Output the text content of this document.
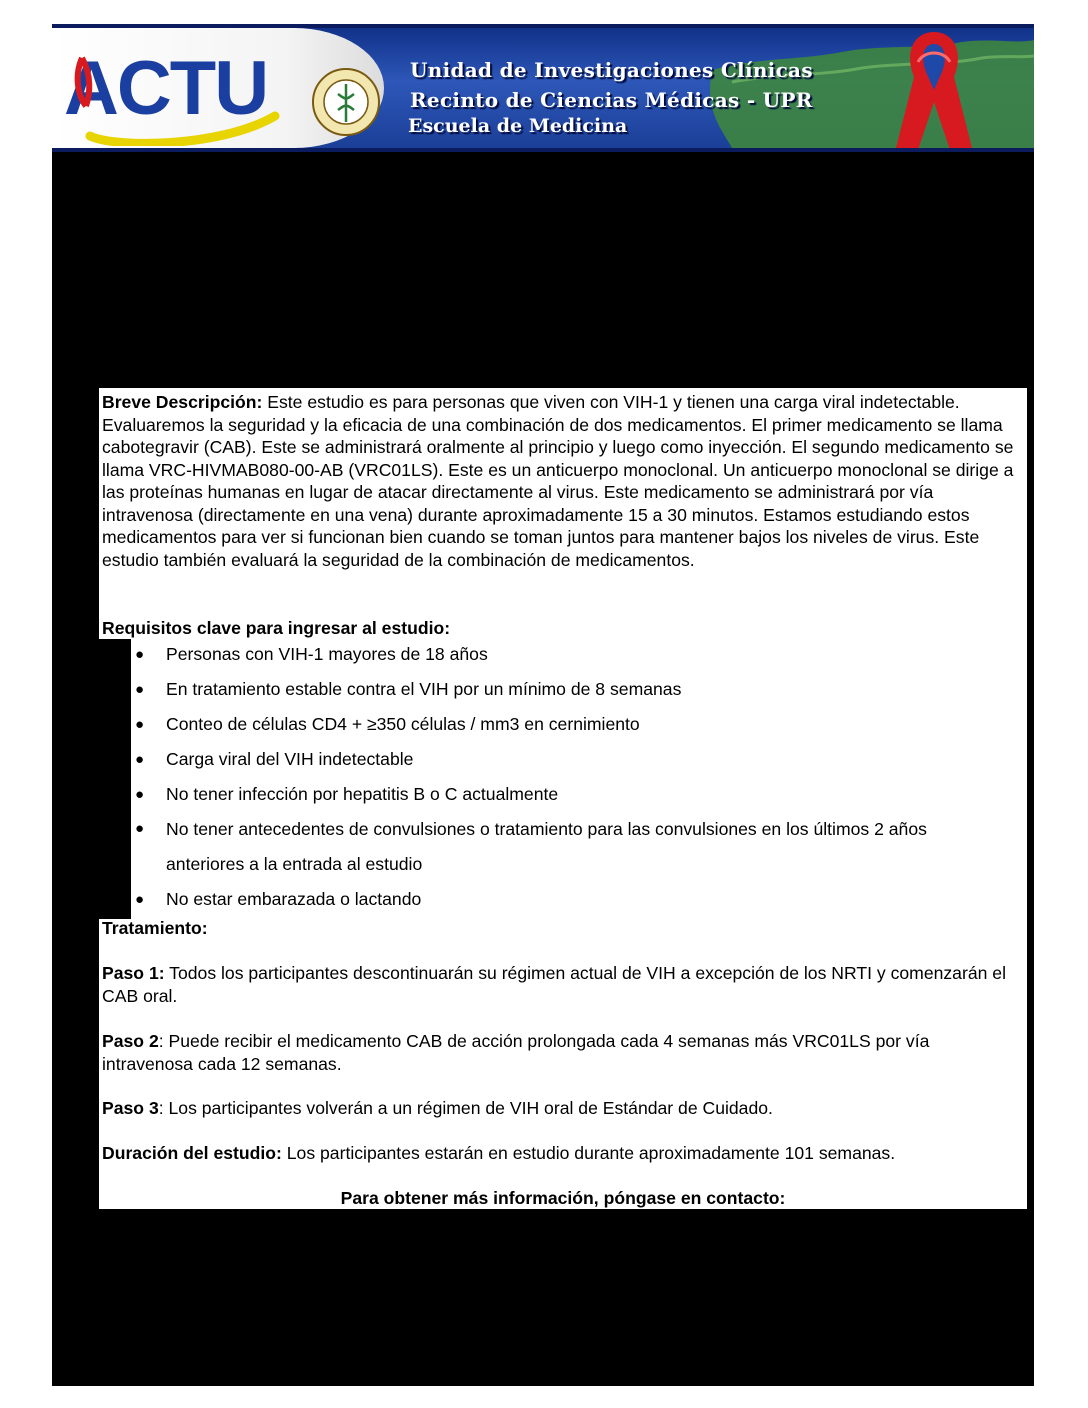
ACTU	Unidad de Investigaciones Clínicas
Recinto de Ciencias Médicas - UPR
Escuela de Medicina

Breve Descripción: Este estudio es para personas que viven con VIH-1 y tienen una carga viral indetectable. Evaluaremos la seguridad y la eficacia de una combinación de dos medicamentos. El primer medicamento se llama cabotegravir (CAB). Este se administrará oralmente al principio y luego como inyección. El segundo medicamento se llama VRC-HIVMAB080-00-AB (VRC01LS). Este es un anticuerpo monoclonal. Un anticuerpo monoclonal se dirige a las proteínas humanas en lugar de atacar directamente al virus. Este medicamento se administrará por vía intravenosa (directamente en una vena) durante aproximadamente 15 a 30 minutos. Estamos estudiando estos medicamentos para ver si funcionan bien cuando se toman juntos para mantener bajos los niveles de virus. Este estudio también evaluará la seguridad de la combinación de medicamentos.

Requisitos clave para ingresar al estudio:

● Personas con VIH-1 mayores de 18 años
● En tratamiento estable contra el VIH por un mínimo de 8 semanas
● Conteo de células CD4 + ≥350 células / mm3 en cernimiento
● Carga viral del VIH indetectable
● No tener infección por hepatitis B o C actualmente
● No tener antecedentes de convulsiones o tratamiento para las convulsiones en los últimos 2 años
anteriores a la entrada al estudio
● No estar embarazada o lactando

Tratamiento:

Paso 1: Todos los participantes descontinuarán su régimen actual de VIH a excepción de los NRTI y comenzarán el CAB oral.

Paso 2: Puede recibir el medicamento CAB de acción prolongada cada 4 semanas más VRC01LS por vía intravenosa cada 12 semanas.

Paso 3: Los participantes volverán a un régimen de VIH oral de Estándar de Cuidado.

Duración del estudio: Los participantes estarán en estudio durante aproximadamente 101 semanas.

Para obtener más información, póngase en contacto:
